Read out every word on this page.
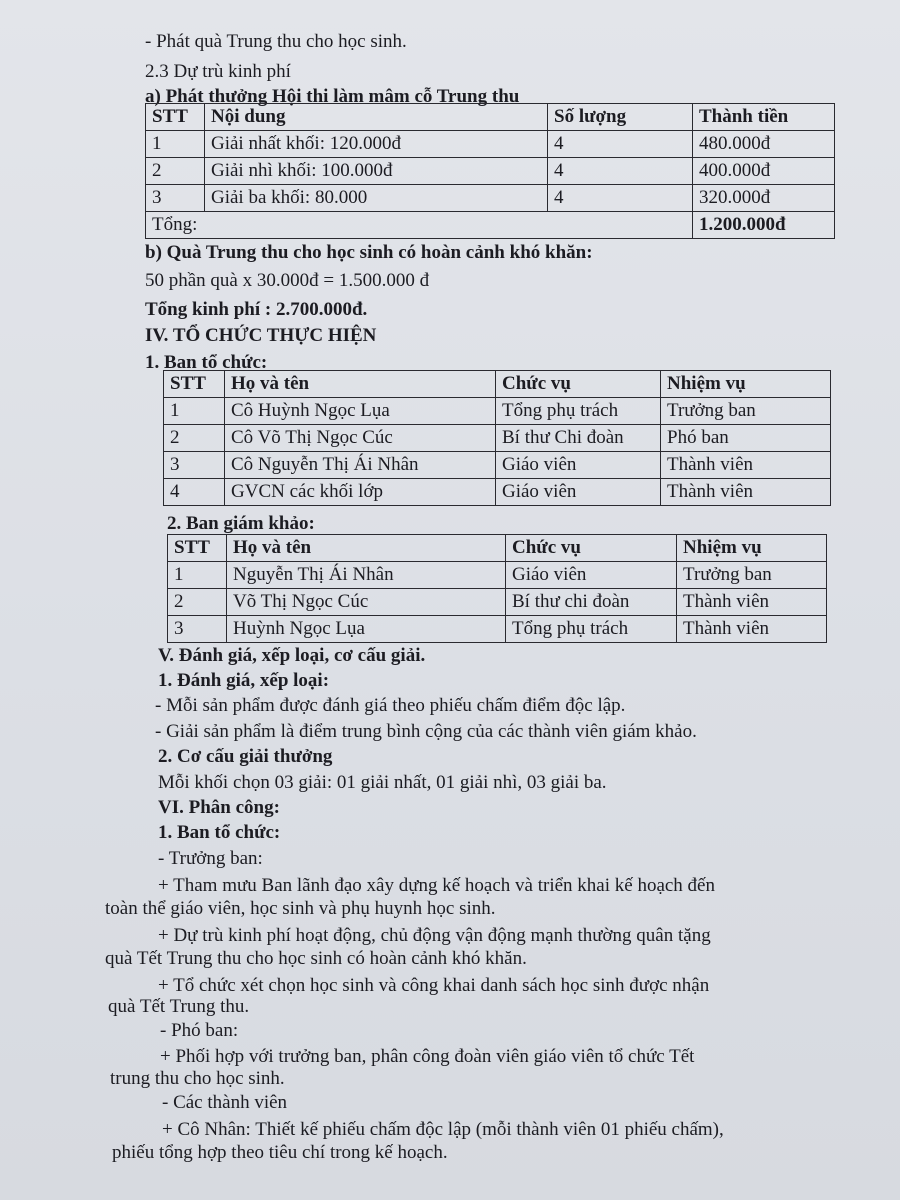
- Phát quà Trung thu cho học sinh.
2.3 Dự trù kinh phí
a) Phát thưởng Hội thi làm mâm cỗ Trung thu
STT	Nội dung	Số lượng	Thành tiền
1	Giải nhất khối: 120.000đ	4	480.000đ
2	Giải nhì khối: 100.000đ	4	400.000đ
3	Giải ba khối: 80.000	4	320.000đ
Tổng:			1.200.000đ
b) Quà Trung thu cho học sinh có hoàn cảnh khó khăn:
50 phần quà x 30.000đ = 1.500.000 đ
Tổng kinh phí : 2.700.000đ.
IV. TỔ CHỨC THỰC HIỆN
1. Ban tổ chức:
STT	Họ và tên	Chức vụ	Nhiệm vụ
1	Cô Huỳnh Ngọc Lụa	Tổng phụ trách	Trưởng ban
2	Cô Võ Thị Ngọc Cúc	Bí thư Chi đoàn	Phó ban
3	Cô Nguyễn Thị Ái Nhân	Giáo viên	Thành viên
4	GVCN các khối lớp	Giáo viên	Thành viên
2. Ban giám khảo:
STT	Họ và tên	Chức vụ	Nhiệm vụ
1	Nguyễn Thị Ái Nhân	Giáo viên	Trưởng ban
2	Võ Thị Ngọc Cúc	Bí thư chi đoàn	Thành viên
3	Huỳnh Ngọc Lụa	Tổng phụ trách	Thành viên
V. Đánh giá, xếp loại, cơ cấu giải.
1. Đánh giá, xếp loại:
- Mỗi sản phẩm được đánh giá theo phiếu chấm điểm độc lập.
- Giải sản phẩm là điểm trung bình cộng của các thành viên giám khảo.
2. Cơ cấu giải thưởng
Mỗi khối chọn 03 giải: 01 giải nhất, 01 giải nhì, 03 giải ba.
VI. Phân công:
1. Ban tổ chức:
- Trưởng ban:
+ Tham mưu Ban lãnh đạo xây dựng kế hoạch và triển khai kế hoạch đến
toàn thể giáo viên, học sinh và phụ huynh học sinh.
+ Dự trù kinh phí hoạt động, chủ động vận động mạnh thường quân tặng
quà Tết Trung thu cho học sinh có hoàn cảnh khó khăn.
+ Tổ chức xét chọn học sinh và công khai danh sách học sinh được nhận
quà Tết Trung thu.
- Phó ban:
+ Phối hợp với trưởng ban, phân công đoàn viên giáo viên tổ chức Tết
trung thu cho học sinh.
- Các thành viên
+ Cô Nhân: Thiết kế phiếu chấm độc lập (mỗi thành viên 01 phiếu chấm),
phiếu tổng hợp theo tiêu chí trong kế hoạch.
